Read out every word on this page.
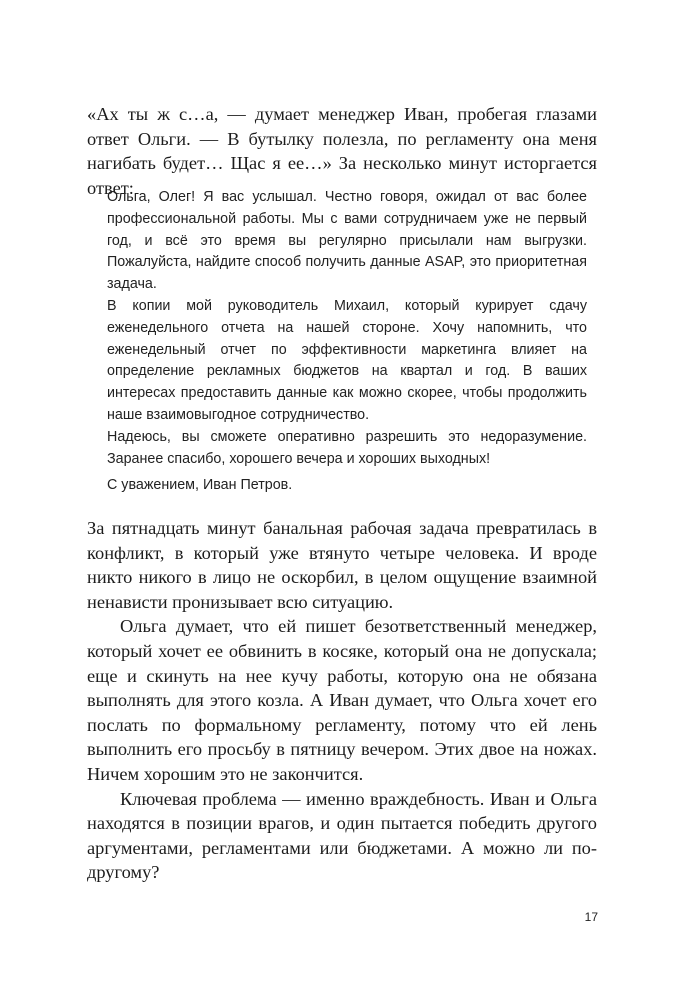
«Ах ты ж с…а, — думает менеджер Иван, пробегая глазами ответ Ольги. — В бутылку полезла, по регламенту она меня нагибать будет… Щас я ее…» За несколько минут исторгается ответ:

Ольга, Олег! Я вас услышал. Честно говоря, ожидал от вас более профессиональной работы. Мы с вами сотрудничаем уже не первый год, и всё это время вы регулярно присылали нам выгрузки. Пожалуйста, найдите способ получить данные ASAP, это приоритетная задача.

В копии мой руководитель Михаил, который курирует сдачу еженедельного отчета на нашей стороне. Хочу напомнить, что еженедельный отчет по эффективности маркетинга влияет на определение рекламных бюджетов на квартал и год. В ваших интересах предоставить данные как можно скорее, чтобы продолжить наше взаимовыгодное сотрудничество.

Надеюсь, вы сможете оперативно разрешить это недоразумение. Заранее спасибо, хорошего вечера и хороших выходных!

С уважением, Иван Петров.

За пятнадцать минут банальная рабочая задача превратилась в конфликт, в который уже втянуто четыре человека. И вроде никто никого в лицо не оскорбил, в целом ощущение взаимной ненависти пронизывает всю ситуацию.

Ольга думает, что ей пишет безответственный менеджер, который хочет ее обвинить в косяке, который она не допускала; еще и скинуть на нее кучу работы, которую она не обязана выполнять для этого козла. А Иван думает, что Ольга хочет его послать по формальному регламенту, потому что ей лень выполнить его просьбу в пятницу вечером. Этих двое на ножах. Ничем хорошим это не закончится.

Ключевая проблема — именно враждебность. Иван и Ольга находятся в позиции врагов, и один пытается победить другого аргументами, регламентами или бюджетами. А можно ли по-другому?

17
